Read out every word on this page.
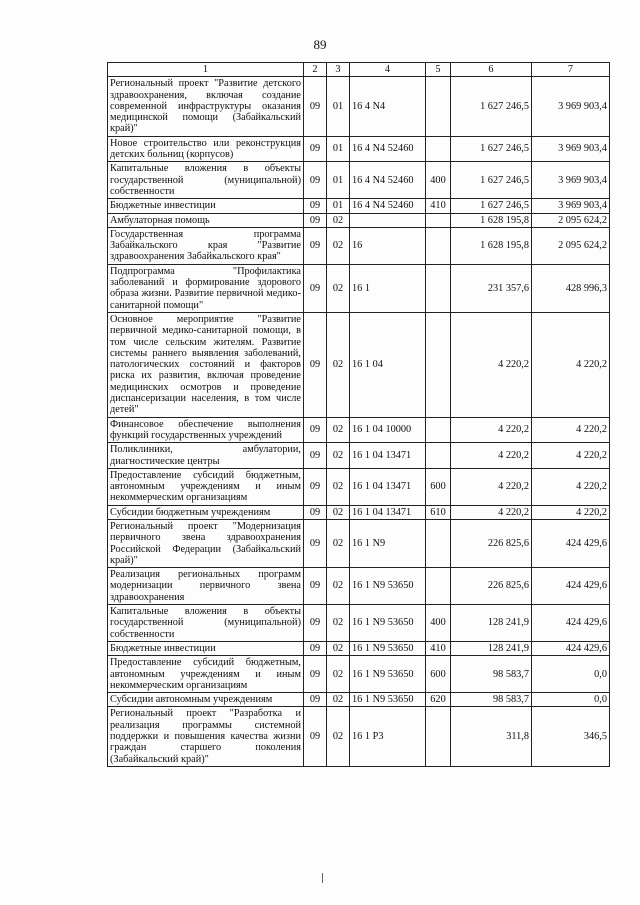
89
1	2	3	4	5	6	7
Региональный проект "Развитие детского здравоохранения, включая создание современной инфраструктуры оказания медицинской помощи (Забайкальский край)"	09	01	16 4 N4		1 627 246,5	3 969 903,4
Новое строительство или реконструкция детских больниц (корпусов)	09	01	16 4 N4 52460		1 627 246,5	3 969 903,4
Капитальные вложения в объекты государственной (муниципальной) собственности	09	01	16 4 N4 52460	400	1 627 246,5	3 969 903,4
Бюджетные инвестиции	09	01	16 4 N4 52460	410	1 627 246,5	3 969 903,4
Амбулаторная помощь	09	02			1 628 195,8	2 095 624,2
Государственная программа Забайкальского края "Развитие здравоохранения Забайкальского края"	09	02	16		1 628 195,8	2 095 624,2
Подпрограмма "Профилактика заболеваний и формирование здорового образа жизни. Развитие первичной медико-санитарной помощи"	09	02	16 1		231 357,6	428 996,3
Основное мероприятие "Развитие первичной медико-санитарной помощи, в том числе сельским жителям. Развитие системы раннего выявления заболеваний, патологических состояний и факторов риска их развития, включая проведение медицинских осмотров и проведение диспансеризации населения, в том числе детей"	09	02	16 1 04		4 220,2	4 220,2
Финансовое обеспечение выполнения функций государственных учреждений	09	02	16 1 04 10000		4 220,2	4 220,2
Поликлиники, амбулатории, диагностические центры	09	02	16 1 04 13471		4 220,2	4 220,2
Предоставление субсидий бюджетным, автономным учреждениям и иным некоммерческим организациям	09	02	16 1 04 13471	600	4 220,2	4 220,2
Субсидии бюджетным учреждениям	09	02	16 1 04 13471	610	4 220,2	4 220,2
Региональный проект "Модернизация первичного звена здравоохранения Российской Федерации (Забайкальский край)"	09	02	16 1 N9		226 825,6	424 429,6
Реализация региональных программ модернизации первичного звена здравоохранения	09	02	16 1 N9 53650		226 825,6	424 429,6
Капитальные вложения в объекты государственной (муниципальной) собственности	09	02	16 1 N9 53650	400	128 241,9	424 429,6
Бюджетные инвестиции	09	02	16 1 N9 53650	410	128 241,9	424 429,6
Предоставление субсидий бюджетным, автономным учреждениям и иным некоммерческим организациям	09	02	16 1 N9 53650	600	98 583,7	0,0
Субсидии автономным учреждениям	09	02	16 1 N9 53650	620	98 583,7	0,0
Региональный проект "Разработка и реализация программы системной поддержки и повышения качества жизни граждан старшего поколения (Забайкальский край)"	09	02	16 1 P3		311,8	346,5
